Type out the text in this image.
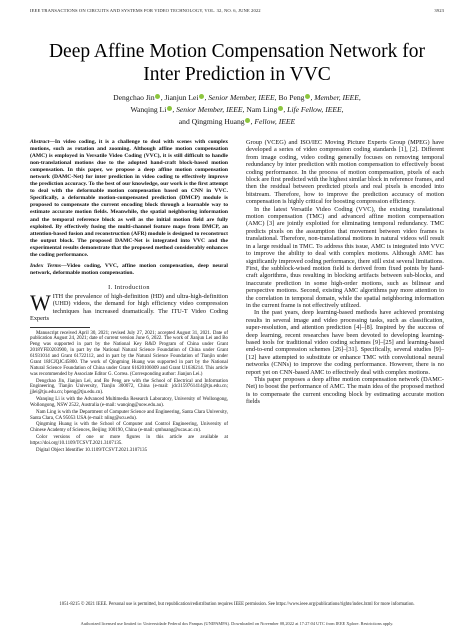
IEEE TRANSACTIONS ON CIRCUITS AND SYSTEMS FOR VIDEO TECHNOLOGY, VOL. 32, NO. 6, JUNE 2022	3923
Deep Affine Motion Compensation Network for Inter Prediction in VVC
Dengchao Jin , Jianjun Lei , Senior Member, IEEE, Bo Peng , Member, IEEE,
Wanqing Li , Senior Member, IEEE, Nam Ling , Life Fellow, IEEE,
and Qingming Huang , Fellow, IEEE

Abstract—In video coding, it is a challenge to deal with scenes with complex motions, such as rotation and zooming. Although affine motion compensation (AMC) is employed in Versatile Video Coding (VVC), it is still difficult to handle non-translational motions due to the adopted hand-craft block-based motion compensation. In this paper, we propose a deep affine motion compensation network (DAMC-Net) for inter prediction in video coding to effectively improve the prediction accuracy. To the best of our knowledge, our work is the first attempt to deal with the deformable motion compensation based on CNN in VVC. Specifically, a deformable motion-compensated prediction (DMCP) module is proposed to compensate the current encoding block through a learnable way to estimate accurate motion fields. Meanwhile, the spatial neighboring information and the temporal reference block as well as the initial motion field are fully exploited. By effectively fusing the multi-channel feature maps from DMCP, an attention-based fusion and reconstruction (AFR) module is designed to reconstruct the output block. The proposed DAMC-Net is integrated into VVC and the experimental results demonstrate that the proposed method considerably enhances the coding performance.

Index Terms—Video coding, VVC, affine motion compensation, deep neural network, deformable motion compensation.

I. Introduction

WITH the prevalence of high-definition (HD) and ultra-high-definition (UHD) videos, the demand for high efficiency video compression techniques has increased dramatically. The ITU-T Video Coding Experts

Manuscript received April 30, 2021; revised July 27, 2021; accepted August 31, 2021. Date of publication August 24, 2021; date of current version June 6, 2022. The work of Jianjun Lei and Bo Peng was supported in part by the National Key R&D Program of China under Grant 2018YFE0203900, in part by the National Natural Science Foundation of China under Grant 61931014 and Grant 61722112, and in part by the Natural Science Foundation of Tianjin under Grant 18JCJQJC45800. The work of Qingming Huang was supported in part by the National Natural Science Foundation of China under Grant 61620106009 and Grant U1636214. This article was recommended by Associate Editor G. Correa. (Corresponding author: Jianjun Lei.)

Dengchao Jin, Jianjun Lei, and Bo Peng are with the School of Electrical and Information Engineering, Tianjin University, Tianjin 300072, China (e-mail: jdc3159761414@tju.edu.cn; jjlei@tju.edu.cn; bpeng@tju.edu.cn).

Wanqing Li is with the Advanced Multimedia Research Laboratory, University of Wollongong, Wollongong, NSW 2522, Australia (e-mail: wanqing@uow.edu.au).

Nam Ling is with the Department of Computer Science and Engineering, Santa Clara University, Santa Clara, CA 95053 USA (e-mail: nling@scu.edu).

Qingming Huang is with the School of Computer and Control Engineering, University of Chinese Academy of Sciences, Beijing 100190, China (e-mail: qmhuang@ucas.ac.cn).

Color versions of one or more figures in this article are available at https://doi.org/10.1109/TCSVT.2021.3107135.

Digital Object Identifier 10.1109/TCSVT.2021.3107135

Group (VCEG) and ISO/IEC Moving Picture Experts Group (MPEG) have developed a series of video compression coding standards [1], [2]. Different from image coding, video coding generally focuses on removing temporal redundancy by inter prediction with motion compensation to effectively boost coding performance. In the process of motion compensation, pixels of each block are first predicted with the highest similar block in reference frames, and then the residual between predicted pixels and real pixels is encoded into bitstream. Therefore, how to improve the prediction accuracy of motion compensation is highly critical for boosting compression efficiency.

In the latest Versatile Video Coding (VVC), the existing translational motion compensation (TMC) and advanced affine motion compensation (AMC) [3] are jointly exploited for eliminating temporal redundancy. TMC predicts pixels on the assumption that movement between video frames is translational. Therefore, non-translational motions in natural videos will result in a large residual in TMC. To address this issue, AMC is integrated into VVC to improve the ability to deal with complex motions. Although AMC has significantly improved coding performance, there still exist several limitations. First, the subblock-wised motion field is derived from fixed points by hand-craft algorithms, thus resulting in blocking artifacts between sub-blocks, and inaccurate prediction in some high-order motions, such as bilinear and perspective motions. Second, existing AMC algorithms pay more attention to the correlation in temporal domain, while the spatial neighboring information in the current frame is not effectively utilized.

In the past years, deep learning-based methods have achieved promising results in several image and video processing tasks, such as classification, super-resolution, and attention prediction [4]–[8]. Inspired by the success of deep learning, recent researches have been devoted to developing learning-based tools for traditional video coding schemes [9]–[25] and learning-based end-to-end compression schemes [26]–[31]. Specifically, several studies [9]–[12] have attempted to substitute or enhance TMC with convolutional neural networks (CNNs) to improve the coding performance. However, there is no report yet on CNN-based AMC to effectively deal with complex motions.

This paper proposes a deep affine motion compensation network (DAMC-Net) to boost the performance of AMC. The main idea of the proposed method is to compensate the current encoding block by estimating accurate motion fields

1051-8215 © 2021 IEEE. Personal use is permitted, but republication/redistribution requires IEEE permission. See https://www.ieee.org/publications/rights/index.html for more information.
Authorized licensed use limited to: Universidade Federal dos Pampas (UNIPAMPA). Downloaded on November 08,2022 at 17:27:04 UTC from IEEE Xplore. Restrictions apply.
